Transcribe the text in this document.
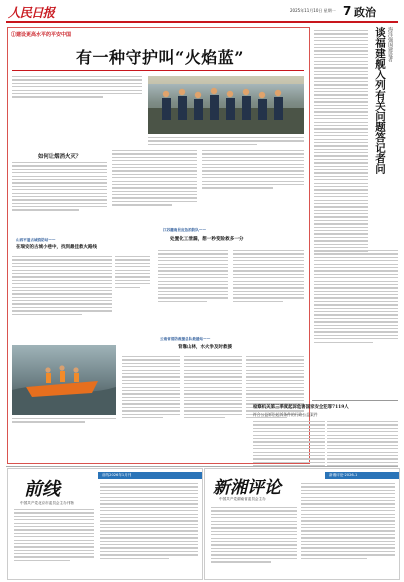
人民日报	2025年11月10日 星期一 7 政治
①建设更高水平的平安中国
有一种守护叫“火焰蓝”
如何让烟消火灭？
山西平遥古城消防站——
在瑞安的古城小巷中，找到最佳救火路线
江苏灌南县应急消防队——
处置化工泄漏，想一秒变险救多一分
云南省消防救援总队救援站——
背靠山林，水火争及时救援
海洋强国建设者
谈福建舰入列有关问题答记者问
检察机关第三季度起诉危害国家安全犯罪7119人
符合公益诉讼起诉条件的行政公益案件
前线
中国共产党北京市委员会主办刊物
前线2026年1月刊
新湘评论
中国共产党湖南省委员会主办
新湘评论·2026-1
